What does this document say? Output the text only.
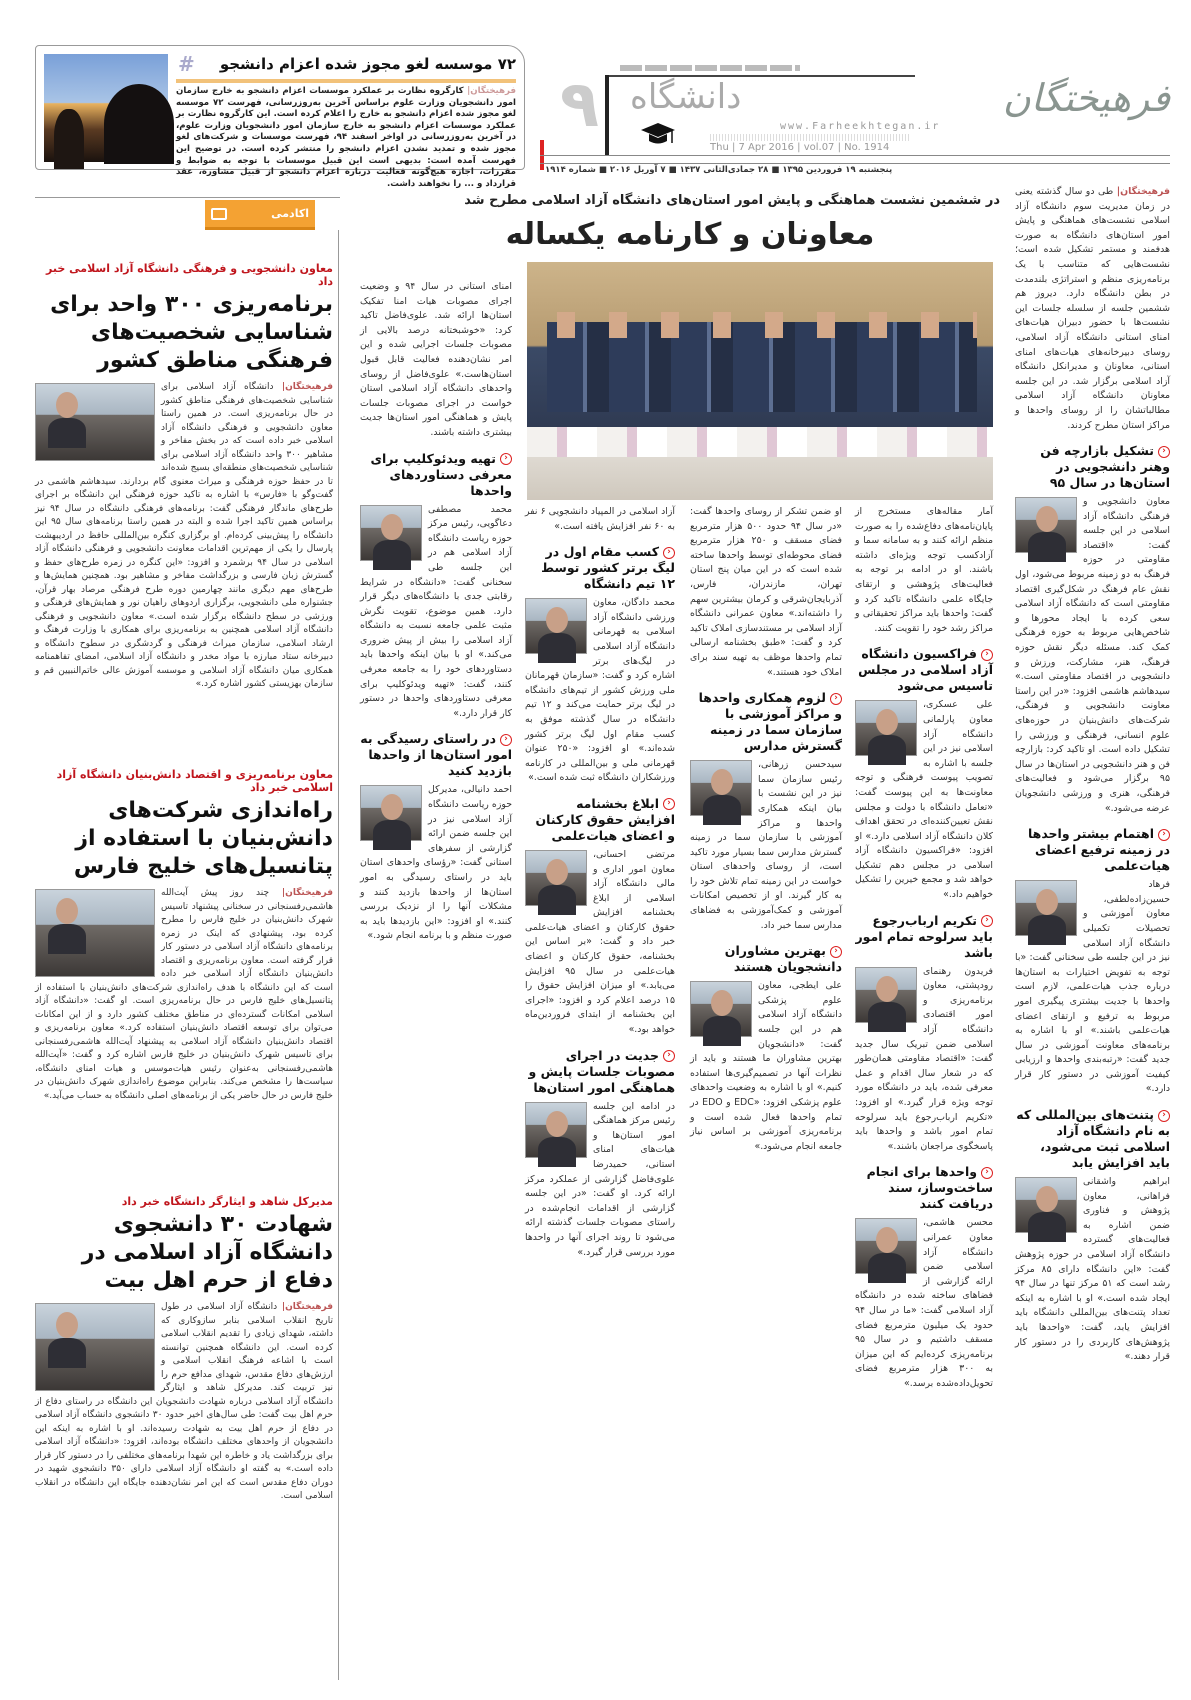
#	۷۲ موسسه لغو مجوز شده اعزام دانشجو
فرهیختگان| کارگروه نظارت بر عملکرد موسسات اعزام دانشجو به خارج سازمان امور دانشجویان وزارت علوم براساس آخرین به‌روزرسانی، فهرست ۷۲ موسسه لغو مجوز شده اعزام دانشجو به خارج را اعلام کرده است. این کارگروه نظارت بر عملکرد موسسات اعزام دانشجو به خارج سازمان امور دانشجویان وزارت علوم، در آخرین به‌روزرسانی در اواخر اسفند ۹۴، فهرست موسسات و شرکت‌های لغو مجوز شده و تمدید نشدن اعزام دانشجو را منتشر کرده است. در توضیح این فهرست آمده است: بدیهی است این قبیل موسسات با توجه به ضوابط و مقررات، اجازه هیچ‌گونه فعالیت درباره اعزام دانشجو از قبیل مشاوره، عقد قرارداد و ... را نخواهند داشت.
۹ دانشگاه
www.Farheekhtegan.ir
Thu | 7 Apr 2016 | vol.07 | No. 1914
پنجشنبه ۱۹ فروردین ۱۳۹۵ ■ ۲۸ جمادی‌الثانی ۱۴۳۷ ■ ۷ آوریل ۲۰۱۶ ■ شماره ۱۹۱۴
فرهیختگان
در ششمین نشست هماهنگی و پایش امور استان‌های دانشگاه آزاد اسلامی مطرح شد
معاونان و کارنامه یکساله

فرهیختگان| طی دو سال گذشته یعنی در زمان مدیریت سوم دانشگاه آزاد اسلامی نشست‌های هماهنگی و پایش امور استان‌های دانشگاه به صورت هدفمند و مستمر تشکیل شده است؛ نشست‌هایی که متناسب با یک برنامه‌ریزی منظم و استراتژی بلندمدت در بطن دانشگاه دارد. دیروز هم ششمین جلسه از سلسله جلسات این نشست‌ها با حضور دبیران هیات‌های امنای استانی دانشگاه آزاد اسلامی، روسای دبیرخانه‌های هیات‌های امنای استانی، معاونان و مدیرانکل دانشگاه آزاد اسلامی برگزار شد. در این جلسه معاونان دانشگاه آزاد اسلامی مطالباتشان را از روسای واحدها و مراکز استان مطرح کردند.

‹تشکیل بازارچه فن وهنر دانشجویی در استان‌ها در سال ۹۵

معاون دانشجویی و فرهنگی دانشگاه آزاد اسلامی در این جلسه گفت: «اقتصاد مقاومتی در حوزه فرهنگ به دو زمینه مربوط می‌شود، اول نقش عام فرهنگ در شکل‌گیری اقتصاد مقاومتی است که دانشگاه آزاد اسلامی سعی کرده با ایجاد محورها و شاخص‌هایی مربوط به حوزه فرهنگی کمک کند. مسئله دیگر نقش حوزه فرهنگ، هنر، مشارکت، ورزش و دانشجویی در اقتصاد مقاومتی است.» سید‌هاشم‌ هاشمی افزود: «در این راستا معاونت دانشجویی و فرهنگی، شرکت‌های دانش‌بنیان در حوزه‌های علوم انسانی، فرهنگی و ورزشی را تشکیل داده است. او تاکید کرد: بازارچه فن و هنر دانشجویی در استان‌ها در سال ۹۵ برگزار می‌شود و فعالیت‌های فرهنگی، هنری و ورزشی دانشجویان عرضه می‌شود.»

‹اهتمام بیشتر واحدها در زمینه ترفیع اعضای هیات‌علمی

فرهاد حسین‌زاده‌لطفی، معاون آموزشی و تحصیلات تکمیلی دانشگاه آزاد اسلامی نیز در این جلسه طی سخنانی گفت: «با توجه به تفویض اختیارات به استان‌ها درباره جذب هیات‌علمی، لازم است واحدها با جدیت بیشتری پیگیری امور مربوط به ترفیع و ارتقای اعضای هیات‌علمی باشند.» او با اشاره به برنامه‌های معاونت آموزشی در سال جدید گفت: «رتبه‌بندی واحدها و ارزیابی کیفیت آموزشی در دستور کار قرار دارد.»

‹پتنت‌های بین‌المللی که به نام دانشگاه آزاد اسلامی ثبت می‌شود، باید افزایش یابد

ابراهیم واشقانی فراهانی، معاون پژوهش و فناوری ضمن اشاره به فعالیت‌های گسترده دانشگاه آزاد اسلامی در حوزه پژوهش گفت: «این دانشگاه دارای ۸۵ مرکز رشد است که ۵۱ مرکز تنها در سال ۹۴ ایجاد شده است.» او با اشاره به اینکه تعداد پتنت‌های بین‌المللی دانشگاه باید افزایش یابد، گفت: «واحدها باید پژوهش‌های کاربردی را در دستور کار قرار دهند.»

آمار مقاله‌های مستخرج از پایان‌نامه‌های دفاع‌شده را به صورت منظم ارائه کنند و به سامانه سما و آزادکسب توجه ویژه‌ای داشته باشند. او در ادامه بر توجه به فعالیت‌های پژوهشی و ارتقای جایگاه علمی دانشگاه تاکید کرد و گفت: واحدها باید مراکز تحقیقاتی و مراکز رشد خود را تقویت کنند.

‹فراکسیون دانشگاه آزاد اسلامی در مجلس تاسیس می‌شود

علی عسکری، معاون پارلمانی دانشگاه آزاد اسلامی نیز در این جلسه با اشاره به تصویب پیوست فرهنگی و توجه معاونت‌ها به این پیوست گفت: «تعامل دانشگاه با دولت و مجلس نقش تعیین‌کننده‌ای در تحقق اهداف کلان دانشگاه آزاد اسلامی دارد.» او افزود: «فراکسیون دانشگاه آزاد اسلامی در مجلس دهم تشکیل خواهد شد و مجمع خیرین را تشکیل خواهیم داد.»

‹تکریم ارباب‌رجوع باید سرلوحه تمام امور باشد

فریدون رهنمای رودپشتی، معاون برنامه‌ریزی و امور اقتصادی دانشگاه آزاد اسلامی ضمن تبریک سال جدید گفت: «اقتصاد مقاومتی همان‌طور که در شعار سال اقدام و عمل معرفی شده، باید در دانشگاه مورد توجه ویژه قرار گیرد.» او افزود: «تکریم ارباب‌رجوع باید سرلوحه تمام امور باشد و واحدها باید پاسخگوی مراجعان باشند.»

‹واحدها برای انجام ساخت‌وساز، سند دریافت کنند

محسن هاشمی، معاون عمرانی دانشگاه آزاد اسلامی ضمن ارائه گزارشی از فضاهای ساخته شده در دانشگاه آزاد اسلامی گفت: «ما در سال ۹۴ حدود یک میلیون مترمربع فضای مسقف داشتیم و در سال ۹۵ برنامه‌ریزی کرده‌ایم که این میزان به ۳۰۰ هزار مترمربع فضای تحویل‌داده‌شده برسد.»

او ضمن تشکر از روسای واحدها گفت: «در سال ۹۴ حدود ۵۰۰ هزار مترمربع فضای مسقف و ۲۵۰ هزار مترمربع فضای محوطه‌ای توسط واحدها ساخته شده است که در این میان پنج استان تهران، مازندران، فارس، آذربایجان‌شرقی و کرمان بیشترین سهم را داشته‌اند.» معاون عمرانی دانشگاه آزاد اسلامی بر مستندسازی املاک تاکید کرد و گفت: «طبق بخشنامه ارسالی تمام واحدها موظف به تهیه سند برای املاک خود هستند.»

‹لزوم همکاری واحدها و مراکز آموزشی با سازمان سما در زمینه گسترش مدارس

سیدحسن زرهانی، رئیس سازمان سما نیز در این نشست با بیان اینکه همکاری واحدها و مراکز آموزشی با سازمان سما در زمینه گسترش مدارس سما بسیار مورد تاکید است، از روسای واحدهای استان خواست در این زمینه تمام تلاش خود را به کار گیرند. او از تخصیص امکانات آموزشی و کمک‌آموزشی به فضاهای مدارس سما خبر داد.

‹بهترین مشاوران دانشجویان هستند

علی ایطجی، معاون علوم پزشکی دانشگاه آزاد اسلامی هم در این جلسه گفت: «دانشجویان بهترین مشاوران ما هستند و باید از نظرات آنها در تصمیم‌گیری‌ها استفاده کنیم.» او با اشاره به وضعیت واحدهای علوم پزشکی افزود: «EDC و EDO در تمام واحدها فعال شده است و برنامه‌ریزی آموزشی بر اساس نیاز جامعه انجام می‌شود.»

آزاد اسلامی در المپیاد دانشجویی ۶ نفر به ۶۰ نفر افزایش یافته است.»

‹کسب مقام اول در لیگ برتر کشور توسط ۱۲ تیم دانشگاه

محمد دادگان، معاون ورزشی دانشگاه آزاد اسلامی به قهرمانی دانشگاه آزاد اسلامی در لیگ‌های برتر اشاره کرد و گفت: «سازمان قهرمانان ملی ورزش کشور از تیم‌های دانشگاه در لیگ برتر حمایت می‌کند و ۱۲ تیم دانشگاه در سال گذشته موفق به کسب مقام اول لیگ برتر کشور شده‌اند.» او افزود: «۲۵۰ عنوان قهرمانی ملی و بین‌المللی در کارنامه ورزشکاران دانشگاه ثبت شده است.»

‹ابلاغ بخشنامه افزایش حقوق کارکنان و اعضای هیات‌علمی

مرتضی احسانی، معاون امور اداری و مالی دانشگاه آزاد اسلامی از ابلاغ بخشنامه افزایش حقوق کارکنان و اعضای هیات‌علمی خبر داد و گفت: «بر اساس این بخشنامه، حقوق کارکنان و اعضای هیات‌علمی در سال ۹۵ افزایش می‌یابد.» او میزان افزایش حقوق را ۱۵ درصد اعلام کرد و افزود: «اجرای این بخشنامه از ابتدای فروردین‌ماه خواهد بود.»

‹جدیت در اجرای مصوبات جلسات پایش و هماهنگی امور استان‌ها

در ادامه این جلسه رئیس مرکز هماهنگی امور استان‌ها و هیات‌های امنای استانی، حمیدرضا علوی‌فاضل گزارشی از عملکرد مرکز ارائه کرد. او گفت: «در این جلسه گزارشی از اقدامات انجام‌شده در راستای مصوبات جلسات گذشته ارائه می‌شود تا روند اجرای آنها در واحدها مورد بررسی قرار گیرد.»

امنای استانی در سال ۹۴ و وضعیت اجرای مصوبات هیات امنا تفکیک استان‌ها ارائه شد. علوی‌فاضل تاکید کرد: «خوشبختانه درصد بالایی از مصوبات جلسات اجرایی شده و این امر نشان‌دهنده فعالیت قابل قبول استان‌هاست.» علوی‌فاضل از روسای واحدهای دانشگاه آزاد اسلامی استان خواست در اجرای مصوبات جلسات پایش و هماهنگی امور استان‌ها جدیت بیشتری داشته باشند.

‹تهیه ویدئوکلیپ برای معرفی دستاوردهای واحدها

محمد مصطفی دعاگویی، رئیس مرکز حوزه ریاست دانشگاه آزاد اسلامی هم در این جلسه طی سخنانی گفت: «دانشگاه در شرایط رقابتی جدی با دانشگاه‌های دیگر قرار دارد. همین موضوع، تقویت نگرش مثبت علمی جامعه نسبت به دانشگاه آزاد اسلامی را بیش از پیش ضروری می‌کند.» او با بیان اینکه واحدها باید دستاوردهای خود را به جامعه معرفی کنند، گفت: «تهیه ویدئوکلیپ برای معرفی دستاوردهای واحدها در دستور کار قرار دارد.»

‹در راستای رسیدگی به امور استان‌ها از واحدها بازدید کنید

احمد دانیالی، مدیرکل حوزه ریاست دانشگاه آزاد اسلامی نیز در این جلسه ضمن ارائه گزارشی از سفرهای استانی گفت: «رؤسای واحدهای استان باید در راستای رسیدگی به امور استان‌ها از واحدها بازدید کنند و مشکلات آنها را از نزدیک بررسی کنند.» او افزود: «این بازدیدها باید به صورت منظم و با برنامه انجام شود.»

اکادمی
معاون دانشجویی و فرهنگی دانشگاه آزاد اسلامی خبر داد
برنامه‌ریزی ۳۰۰ واحد برای شناسایی شخصیت‌های فرهنگی مناطق کشور
فرهیختگان| دانشگاه آزاد اسلامی برای شناسایی شخصیت‌های فرهنگی مناطق کشور در حال برنامه‌ریزی است. در همین راستا معاون دانشجویی و فرهنگی دانشگاه آزاد اسلامی خبر داده است که در بخش مفاخر و مشاهیر ۳۰۰ واحد دانشگاه آزاد اسلامی برای شناسایی شخصیت‌های منطقه‌ای بسیج شده‌اند تا در حفظ حوزه فرهنگی و میراث معنوی گام بردارند. سیدهاشم هاشمی در گفت‌وگو با «فارس» با اشاره به تاکید حوزه فرهنگی این دانشگاه بر اجرای طرح‌های ماندگار فرهنگی گفت: برنامه‌های فرهنگی دانشگاه در سال ۹۴ نیز براساس همین تاکید اجرا شده و البته در همین راستا برنامه‌های سال ۹۵ این دانشگاه را پیش‌بینی کرده‌ام. او برگزاری کنگره بین‌المللی حافظ در اردیبهشت پارسال را یکی از مهم‌ترین اقدامات معاونت دانشجویی و فرهنگی دانشگاه آزاد اسلامی در سال ۹۴ برشمرد و افزود: «این کنگره در زمره طرح‌های حفظ و گسترش زبان فارسی و بزرگداشت مفاخر و مشاهیر بود. همچنین همایش‌ها و طرح‌های مهم دیگری مانند چهارمین دوره طرح فرهنگی مرصاد بهار قرآن، جشنواره ملی دانشجویی، برگزاری اردوهای راهیان نور و همایش‌های فرهنگی و ورزشی در سطح دانشگاه برگزار شده است.» معاون دانشجویی و فرهنگی دانشگاه آزاد اسلامی همچنین به برنامه‌ریزی برای همکاری با وزارت فرهنگ و ارشاد اسلامی، سازمان میراث فرهنگی و گردشگری در سطوح دانشگاه و دبیرخانه ستاد مبارزه با مواد مخدر و دانشگاه آزاد اسلامی، امضای تفاهمنامه همکاری میان دانشگاه آزاد اسلامی و موسسه آموزش عالی خاتم‌النبیین قم و سازمان بهزیستی کشور اشاره کرد.»
معاون برنامه‌ریزی و اقتصاد دانش‌بنیان دانشگاه آزاد اسلامی خبر داد
راه‌اندازی شرکت‌های دانش‌بنیان با استفاده از پتانسیل‌های خلیج فارس
فرهیختگان| چند روز پیش آیت‌الله هاشمی‌رفسنجانی در سخنانی پیشنهاد تاسیس شهرک دانش‌بنیان در خلیج فارس را مطرح کرده بود، پیشنهادی که اینک در زمره برنامه‌های دانشگاه آزاد اسلامی در دستور کار قرار گرفته است. معاون برنامه‌ریزی و اقتصاد دانش‌بنیان دانشگاه آزاد اسلامی خبر داده است که این دانشگاه با هدف راه‌اندازی شرکت‌های دانش‌بنیان با استفاده از پتانسیل‌های خلیج فارس در حال برنامه‌ریزی است. او گفت: «دانشگاه آزاد اسلامی امکانات گسترده‌ای در مناطق مختلف کشور دارد و از این امکانات می‌توان برای توسعه اقتصاد دانش‌بنیان استفاده کرد.» معاون برنامه‌ریزی و اقتصاد دانش‌بنیان دانشگاه آزاد اسلامی به پیشنهاد آیت‌الله هاشمی‌رفسنجانی برای تاسیس شهرک دانش‌بنیان در خلیج فارس اشاره کرد و گفت: «آیت‌الله هاشمی‌رفسنجانی به‌عنوان رئیس هیات‌موسس و هیات امنای دانشگاه، سیاست‌ها را مشخص می‌کند. بنابراین موضوع راه‌اندازی شهرک دانش‌بنیان در خلیج فارس در حال حاضر یکی از برنامه‌های اصلی دانشگاه به حساب می‌آید.»
مدیرکل شاهد و ایثارگر دانشگاه خبر داد
شهادت ۳۰ دانشجوی دانشگاه آزاد اسلامی در دفاع از حرم اهل بیت
فرهیختگان| دانشگاه آزاد اسلامی در طول تاریخ انقلاب اسلامی بنابر سازوکاری که داشته، شهدای زیادی را تقدیم انقلاب اسلامی کرده است. این دانشگاه همچنین توانسته است با اشاعه فرهنگ انقلاب اسلامی و ارزش‌های دفاع مقدس، شهدای مدافع حرم را نیز تربیت کند. مدیرکل شاهد و ایثارگر دانشگاه آزاد اسلامی درباره شهادت دانشجویان این دانشگاه در راستای دفاع از حرم اهل بیت گفت: طی سال‌های اخیر حدود ۳۰ دانشجوی دانشگاه آزاد اسلامی در دفاع از حرم اهل بیت به شهادت رسیده‌اند. او با اشاره به اینکه این دانشجویان از واحدهای مختلف دانشگاه بوده‌اند، افزود: «دانشگاه آزاد اسلامی برای بزرگداشت یاد و خاطره این شهدا برنامه‌های مختلفی را در دستور کار قرار داده است.» به گفته او دانشگاه آزاد اسلامی دارای ۳۵۰ دانشجوی شهید در دوران دفاع مقدس است که این امر نشان‌دهنده جایگاه این دانشگاه در انقلاب اسلامی است.
